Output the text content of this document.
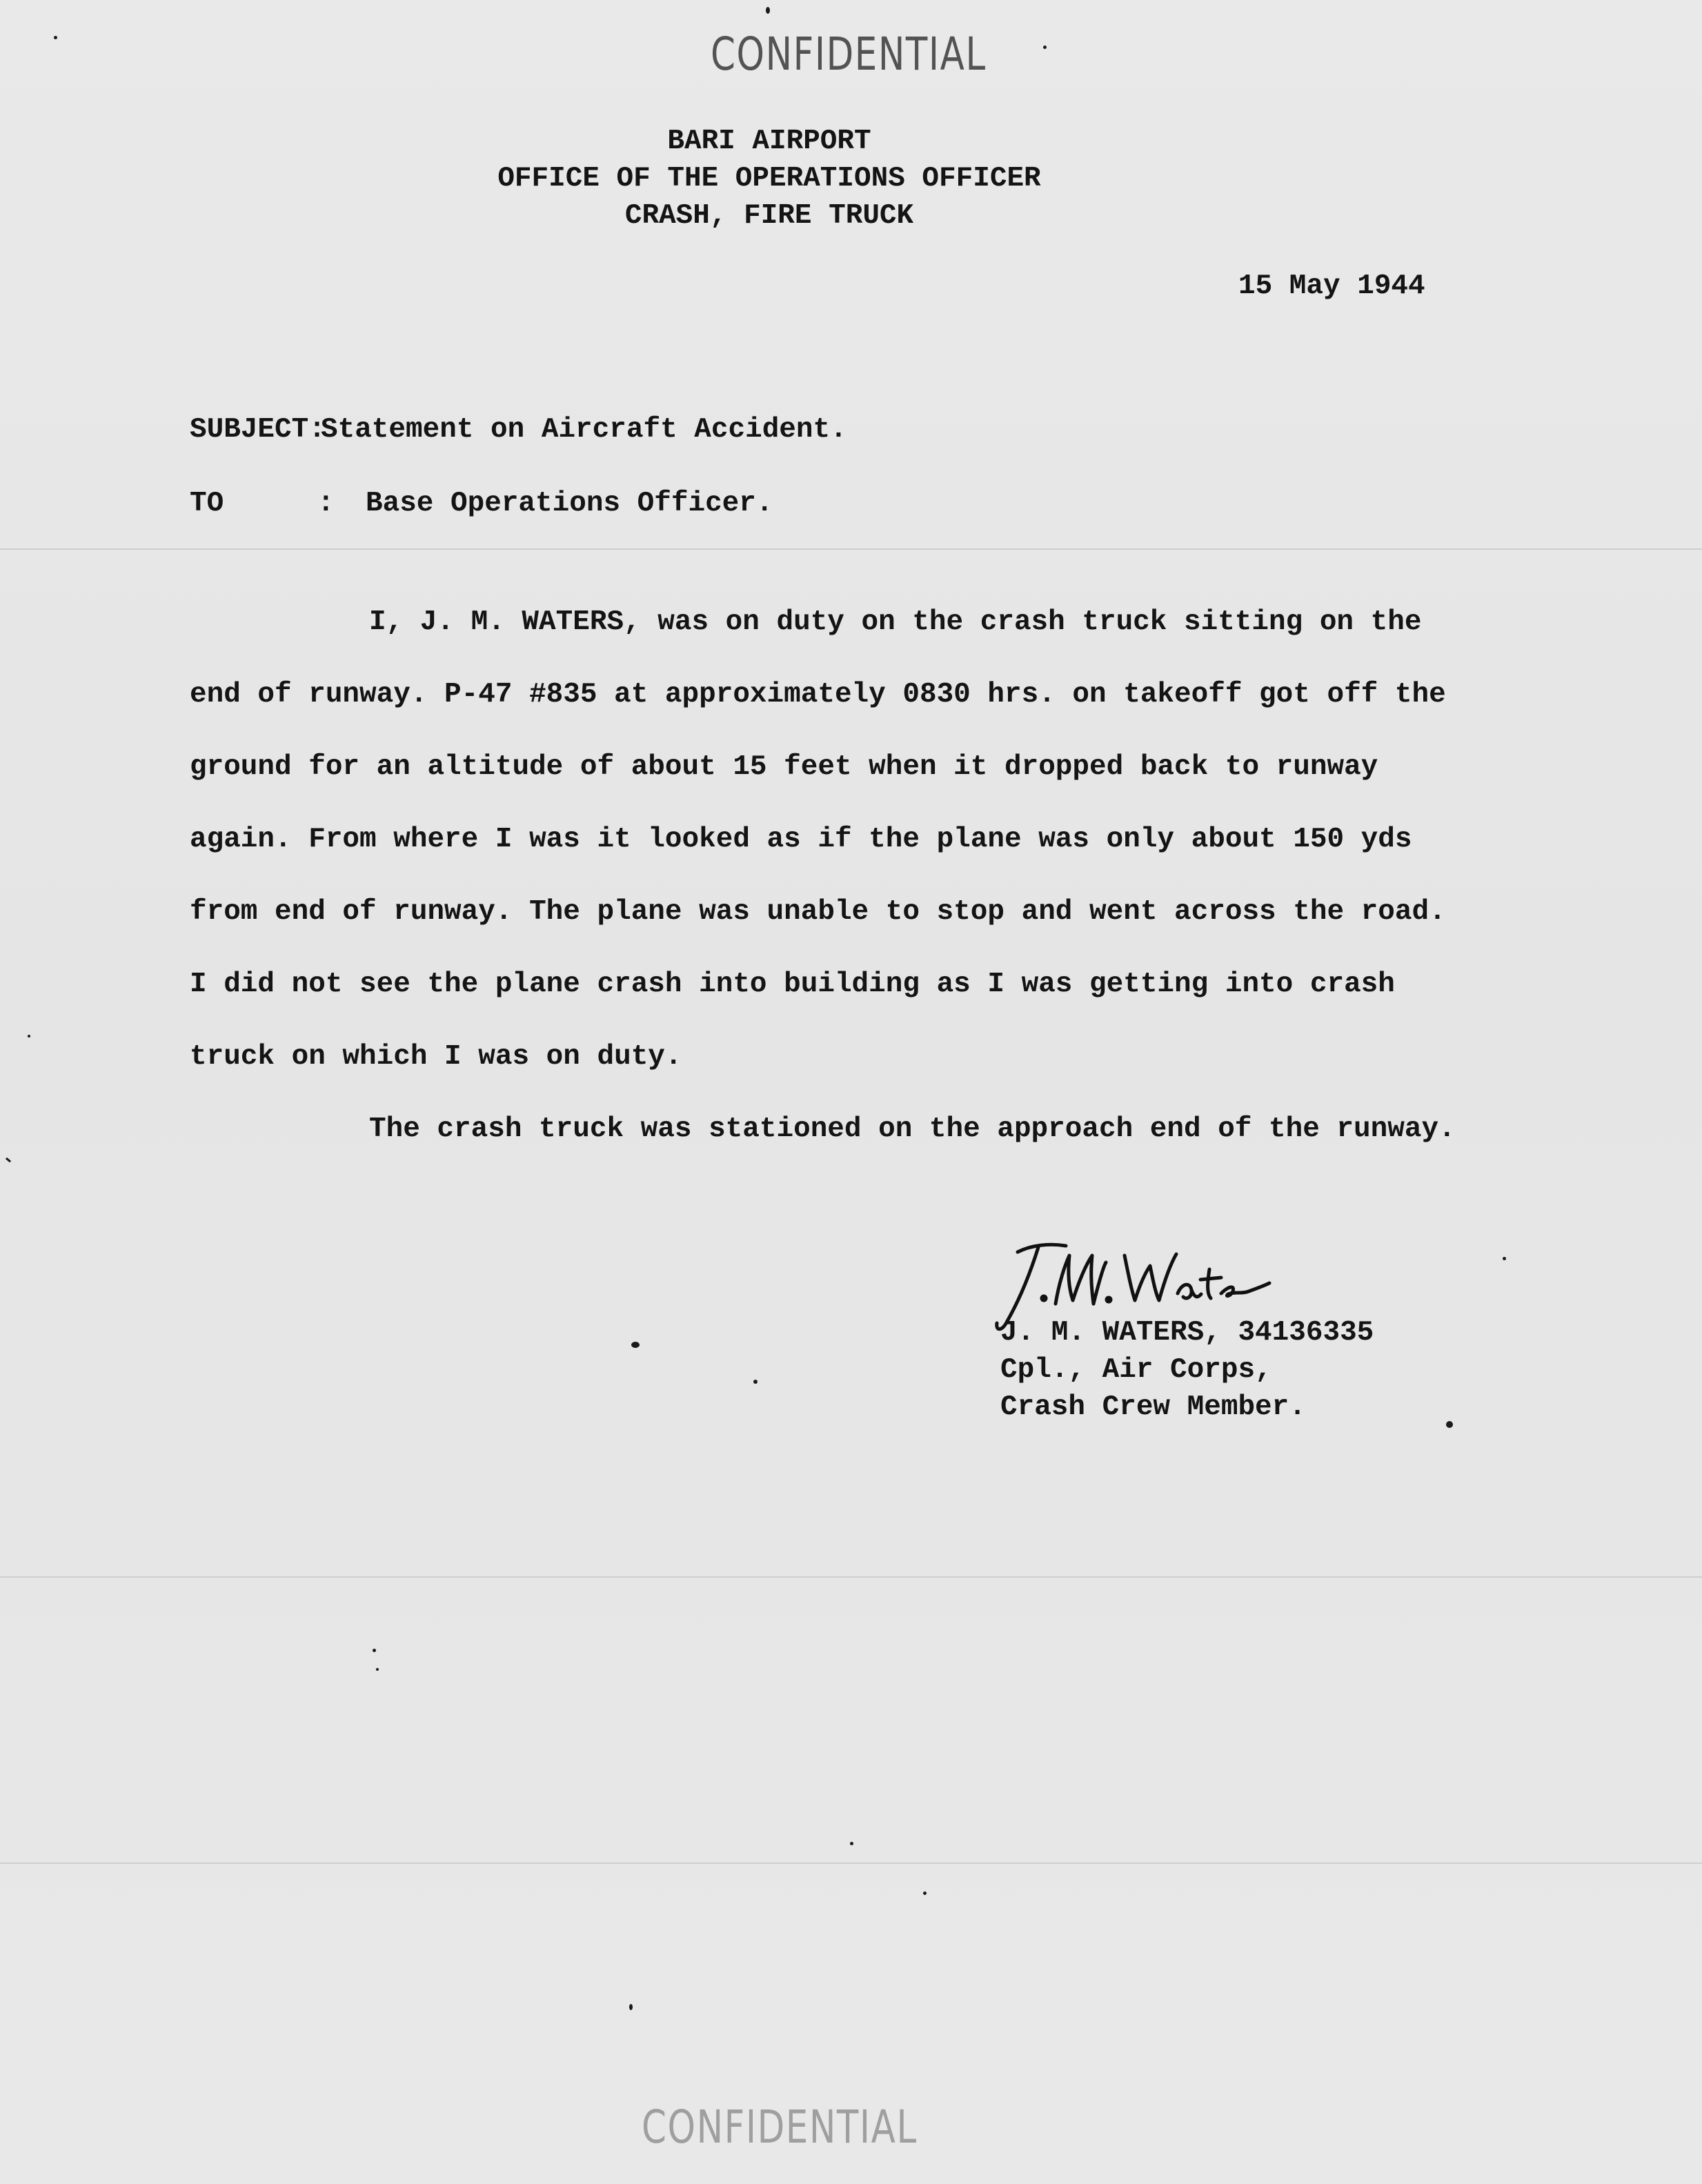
CONFIDENTIAL
BARI AIRPORT
OFFICE OF THE OPERATIONS OFFICER
CRASH, FIRE TRUCK
15 May 1944
SUBJECT:Statement on Aircraft Accident.
TO	: Base Operations Officer.

I, J. M. WATERS, was on duty on the crash truck sitting on the end of runway. P-47 #835 at approximately 0830 hrs. on takeoff got off the ground for an altitude of about 15 feet when it dropped back to runway again. From where I was it looked as if the plane was only about 150 yds from end of runway. The plane was unable to stop and went across the road. I did not see the plane crash into building as I was getting into crash truck on which I was on duty.

The crash truck was stationed on the approach end of the runway.

J. M. WATERS, 34136335
Cpl., Air Corps,
Crash Crew Member.
CONFIDENTIAL
